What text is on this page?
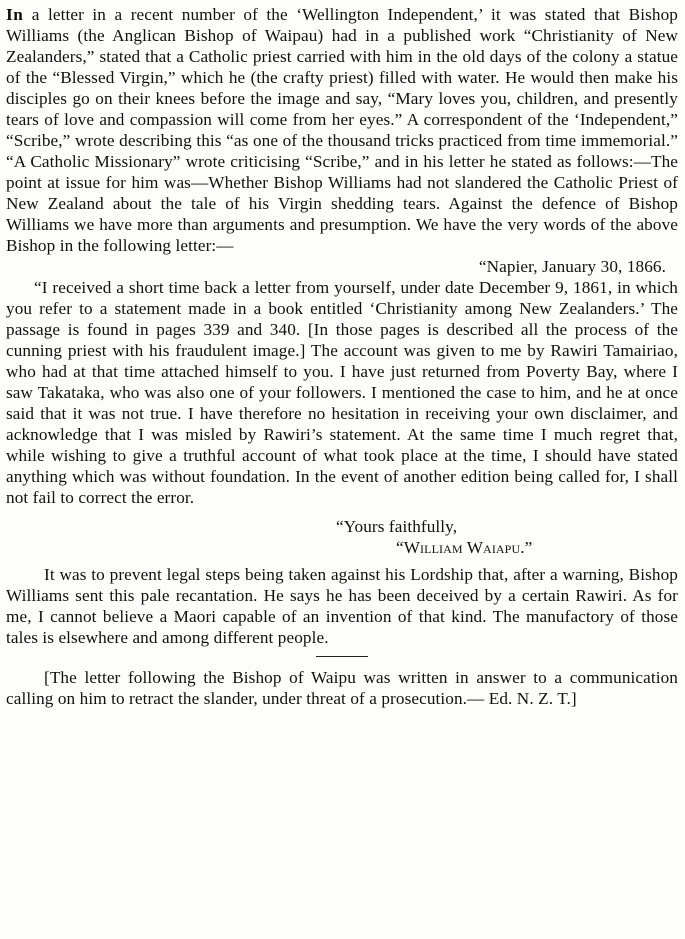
In a letter in a recent number of the ‘Wellington Independent,’ it was stated that Bishop Williams (the Anglican Bishop of Waipau) had in a published work “Christianity of New Zealanders,” stated that a Catholic priest carried with him in the old days of the colony a statue of the “Blessed Virgin,” which he (the crafty priest) filled with water. He would then make his disciples go on their knees before the image and say, “Mary loves you, children, and presently tears of love and compassion will come from her eyes.” A correspondent of the ‘Independent,” “Scribe,” wrote describing this “as one of the thousand tricks practiced from time immemorial.” “A Catholic Missionary” wrote criticising “Scribe,” and in his letter he stated as follows:—The point at issue for him was—Whether Bishop Williams had not slandered the Catholic Priest of New Zealand about the tale of his Virgin shedding tears. Against the defence of Bishop Williams we have more than arguments and presumption. We have the very words of the above Bishop in the following letter:—

“Napier, January 30, 1866.

“I received a short time back a letter from yourself, under date December 9, 1861, in which you refer to a statement made in a book entitled ‘Christianity among New Zealanders.’ The passage is found in pages 339 and 340. [In those pages is described all the process of the cunning priest with his fraudulent image.] The account was given to me by Rawiri Tamairiao, who had at that time attached himself to you. I have just returned from Poverty Bay, where I saw Takataka, who was also one of your followers. I mentioned the case to him, and he at once said that it was not true. I have therefore no hesitation in receiving your own disclaimer, and acknowledge that I was misled by Rawiri’s statement. At the same time I much regret that, while wishing to give a truthful account of what took place at the time, I should have stated anything which was without foundation. In the event of another edition being called for, I shall not fail to correct the error.

“Yours faithfully,

“William Waiapu.”

It was to prevent legal steps being taken against his Lordship that, after a warning, Bishop Williams sent this pale recantation. He says he has been deceived by a certain Rawiri. As for me, I cannot believe a Maori capable of an invention of that kind. The manufactory of those tales is elsewhere and among different people.

[The letter following the Bishop of Waipu was written in answer to a communication calling on him to retract the slander, under threat of a prosecution.— Ed. N. Z. T.]
